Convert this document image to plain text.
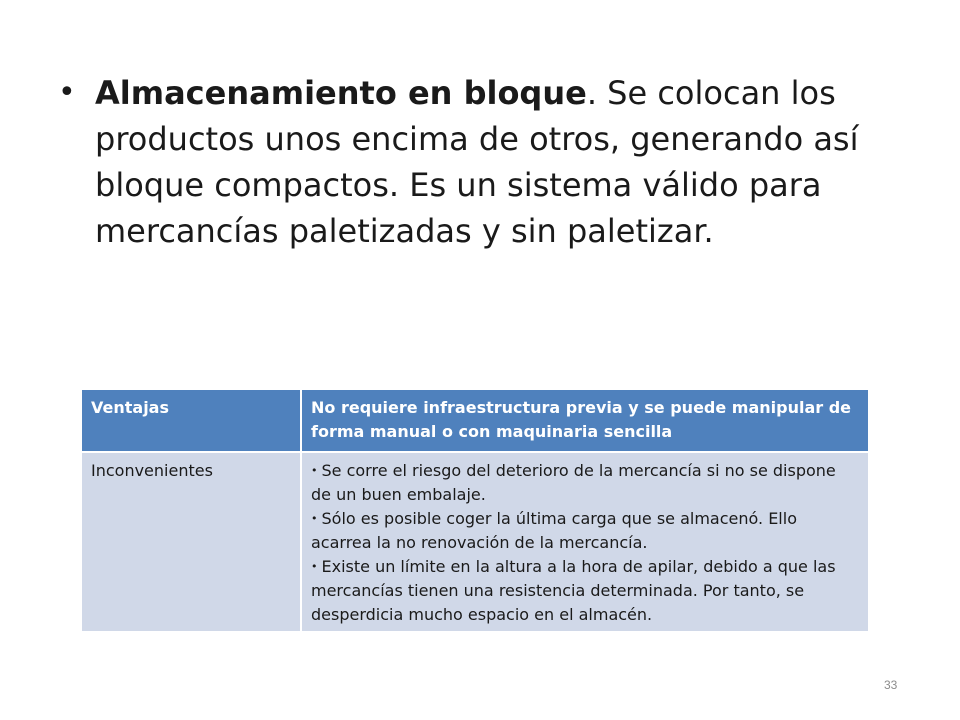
• Almacenamiento en bloque. Se colocan los productos unos encima de otros, generando así bloque compactos. Es un sistema válido para mercancías paletizadas y sin paletizar.
Ventajas	No requiere infraestructura previa y se puede manipular de forma manual o con maquinaria sencilla
Inconvenientes	• Se corre el riesgo del deterioro de la mercancía si no se dispone de un buen embalaje.
• Sólo es posible coger la última carga que se almacenó. Ello acarrea la no renovación de la mercancía.
• Existe un límite en la altura a la hora de apilar, debido a que las mercancías tienen una resistencia determinada. Por tanto, se desperdicia mucho espacio en el almacén.
33
